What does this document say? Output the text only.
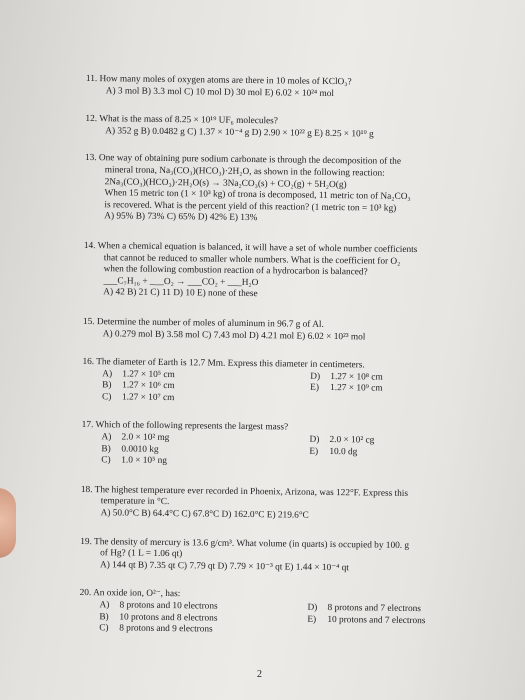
11. How many moles of oxygen atoms are there in 10 moles of KClO₃?
A) 3 mol B) 3.3 mol C) 10 mol D) 30 mol E) 6.02 × 10²⁴ mol
12. What is the mass of 8.25 × 10¹⁹ UF₆ molecules?
A) 352 g B) 0.0482 g C) 1.37 × 10⁻⁴ g D) 2.90 × 10²² g E) 8.25 × 10¹⁹ g
13. One way of obtaining pure sodium carbonate is through the decomposition of the
mineral trona, Na₃(CO₃)(HCO₃)·2H₂O, as shown in the following reaction:
2Na₃(CO₃)(HCO₃)·2H₂O(s) → 3Na₂CO₃(s) + CO₂(g) + 5H₂O(g)
When 15 metric ton (1 × 10³ kg) of trona is decomposed, 11 metric ton of Na₂CO₃
is recovered. What is the percent yield of this reaction? (1 metric ton = 10³ kg)
A) 95% B) 73% C) 65% D) 42% E) 13%
14. When a chemical equation is balanced, it will have a set of whole number coefficients
that cannot be reduced to smaller whole numbers. What is the coefficient for O₂
when the following combustion reaction of a hydrocarbon is balanced?
___C₇H₁₆ + ___O₂ → ___CO₂ + ___H₂O
A) 42 B) 21 C) 11 D) 10 E) none of these
15. Determine the number of moles of aluminum in 96.7 g of Al.
A) 0.279 mol B) 3.58 mol C) 7.43 mol D) 4.21 mol E) 6.02 × 10²³ mol
16. The diameter of Earth is 12.7 Mm. Express this diameter in centimeters.
A)	1.27 × 10⁵ cm
B)	1.27 × 10⁶ cm
C)	1.27 × 10⁷ cm
D)	1.27 × 10⁸ cm
E)	1.27 × 10⁹ cm
17. Which of the following represents the largest mass?
A)	2.0 × 10² mg
B)	0.0010 kg
C)	1.0 × 10⁵ ng
D)	2.0 × 10² cg
E)	10.0 dg
18. The highest temperature ever recorded in Phoenix, Arizona, was 122°F. Express this
temperature in °C.
A) 50.0°C B) 64.4°C C) 67.8°C D) 162.0°C E) 219.6°C
19. The density of mercury is 13.6 g/cm³. What volume (in quarts) is occupied by 100. g
of Hg? (1 L = 1.06 qt)
A) 144 qt B) 7.35 qt C) 7.79 qt D) 7.79 × 10⁻³ qt E) 1.44 × 10⁻⁴ qt
20. An oxide ion, O²⁻, has:
A)	8 protons and 10 electrons
B)	10 protons and 8 electrons
C)	8 protons and 9 electrons
D)	8 protons and 7 electrons
E)	10 protons and 7 electrons
2
